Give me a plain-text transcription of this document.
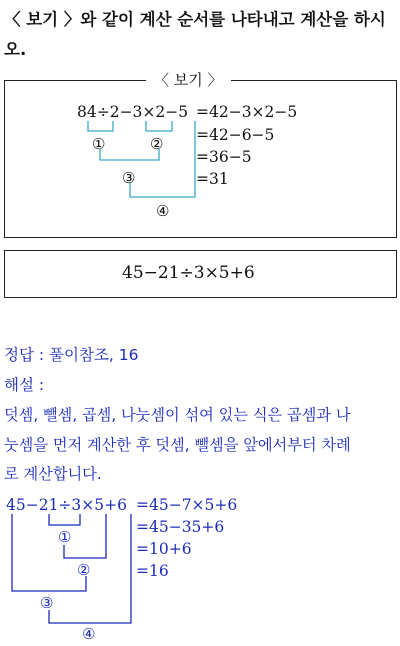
〈 보기 〉와 같이 계산 순서를 나타내고 계산을 하시
오.
〈 보기 〉
84÷2−3×2−5 =42−3×2−5
=42−6−5
=36−5
=31
①	②
③
④
45−21÷3×5+6
정답 : 풀이참조, 16
해설 :
덧셈, 뺄셈, 곱셈, 나눗셈이 섞여 있는 식은 곱셈과 나
눗셈을 먼저 계산한 후 덧셈, 뺄셈을 앞에서부터 차례
로 계산합니다.
45−21÷3×5+6 =45−7×5+6
=45−35+6
=10+6
=16
①
②
③
④
